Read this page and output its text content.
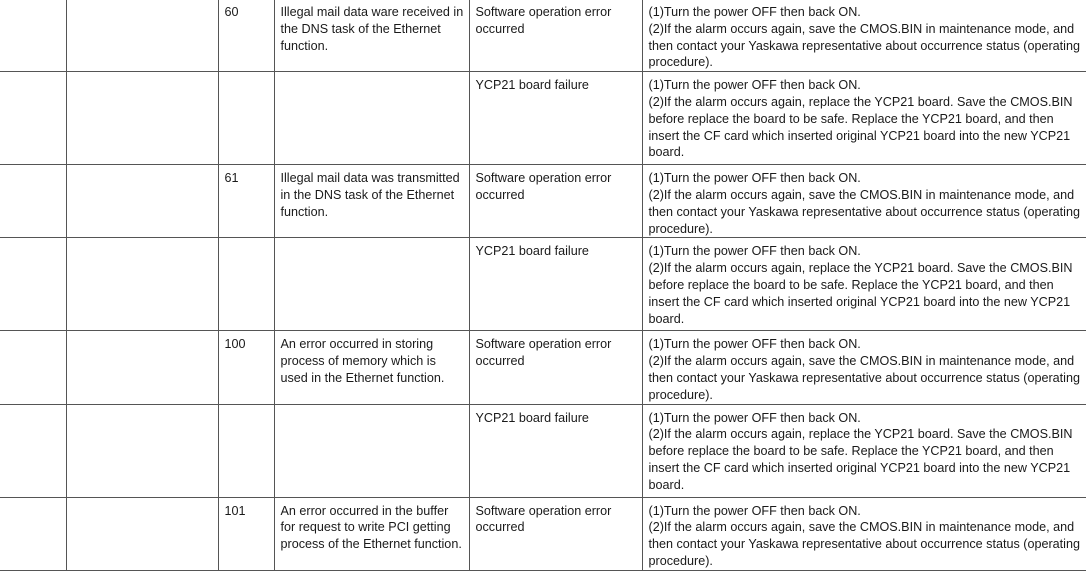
		60	Illegal mail data ware received in the DNS task of the Ethernet function.	Software operation error occurred	(1)Turn the power OFF then back ON.
(2)If the alarm occurs again, save the CMOS.BIN in maintenance mode, and then contact your Yaskawa representative about occurrence status (operating procedure).
				YCP21 board failure	(1)Turn the power OFF then back ON.
(2)If the alarm occurs again, replace the YCP21 board. Save the CMOS.BIN before replace the board to be safe. Replace the YCP21 board, and then insert the CF card which inserted original YCP21 board into the new YCP21 board.
		61	Illegal mail data was transmitted in the DNS task of the Ethernet function.	Software operation error occurred	(1)Turn the power OFF then back ON.
(2)If the alarm occurs again, save the CMOS.BIN in maintenance mode, and then contact your Yaskawa representative about occurrence status (operating procedure).
				YCP21 board failure	(1)Turn the power OFF then back ON.
(2)If the alarm occurs again, replace the YCP21 board. Save the CMOS.BIN before replace the board to be safe. Replace the YCP21 board, and then insert the CF card which inserted original YCP21 board into the new YCP21 board.
		100	An error occurred in storing process of memory which is used in the Ethernet function.	Software operation error occurred	(1)Turn the power OFF then back ON.
(2)If the alarm occurs again, save the CMOS.BIN in maintenance mode, and then contact your Yaskawa representative about occurrence status (operating procedure).
				YCP21 board failure	(1)Turn the power OFF then back ON.
(2)If the alarm occurs again, replace the YCP21 board. Save the CMOS.BIN before replace the board to be safe. Replace the YCP21 board, and then insert the CF card which inserted original YCP21 board into the new YCP21 board.
		101	An error occurred in the buffer for request to write PCI getting process of the Ethernet function.	Software operation error occurred	(1)Turn the power OFF then back ON.
(2)If the alarm occurs again, save the CMOS.BIN in maintenance mode, and then contact your Yaskawa representative about occurrence status (operating procedure).
